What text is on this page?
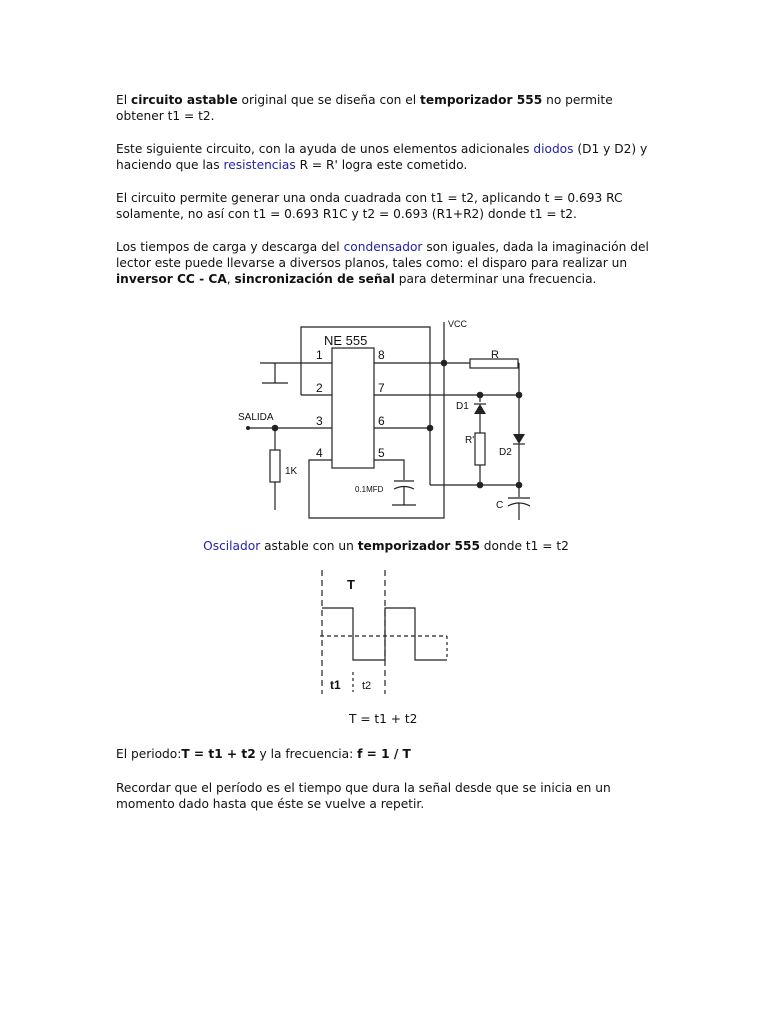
El circuito astable original que se diseña con el temporizador 555 no permite obtener t1 = t2.

Este siguiente circuito, con la ayuda de unos elementos adicionales diodos (D1 y D2) y haciendo que las resistencias R = R' logra este cometido.

El circuito permite generar una onda cuadrada con t1 = t2, aplicando t = 0.693 RC solamente, no así con t1 = 0.693 R1C y t2 = 0.693 (R1+R2) donde t1 = t2.

Los tiempos de carga y descarga del condensador son iguales, dada la imaginación del lector este puede llevarse a diversos planos, tales como: el disparo para realizar un inversor CC - CA, sincronización de señal para determinar una frecuencia.

NE 555
VCC
SALIDA
R
R'
D1
D2
C
0.1MFD
1K
1
2
3
4	5
6
7
8
Oscilador astable con un temporizador 555 donde t1 = t2
T
t1 t2

T = t1 + t2

El periodo:T = t1 + t2 y la frecuencia: f = 1 / T

Recordar que el período es el tiempo que dura la señal desde que se inicia en un momento dado hasta que éste se vuelve a repetir.
